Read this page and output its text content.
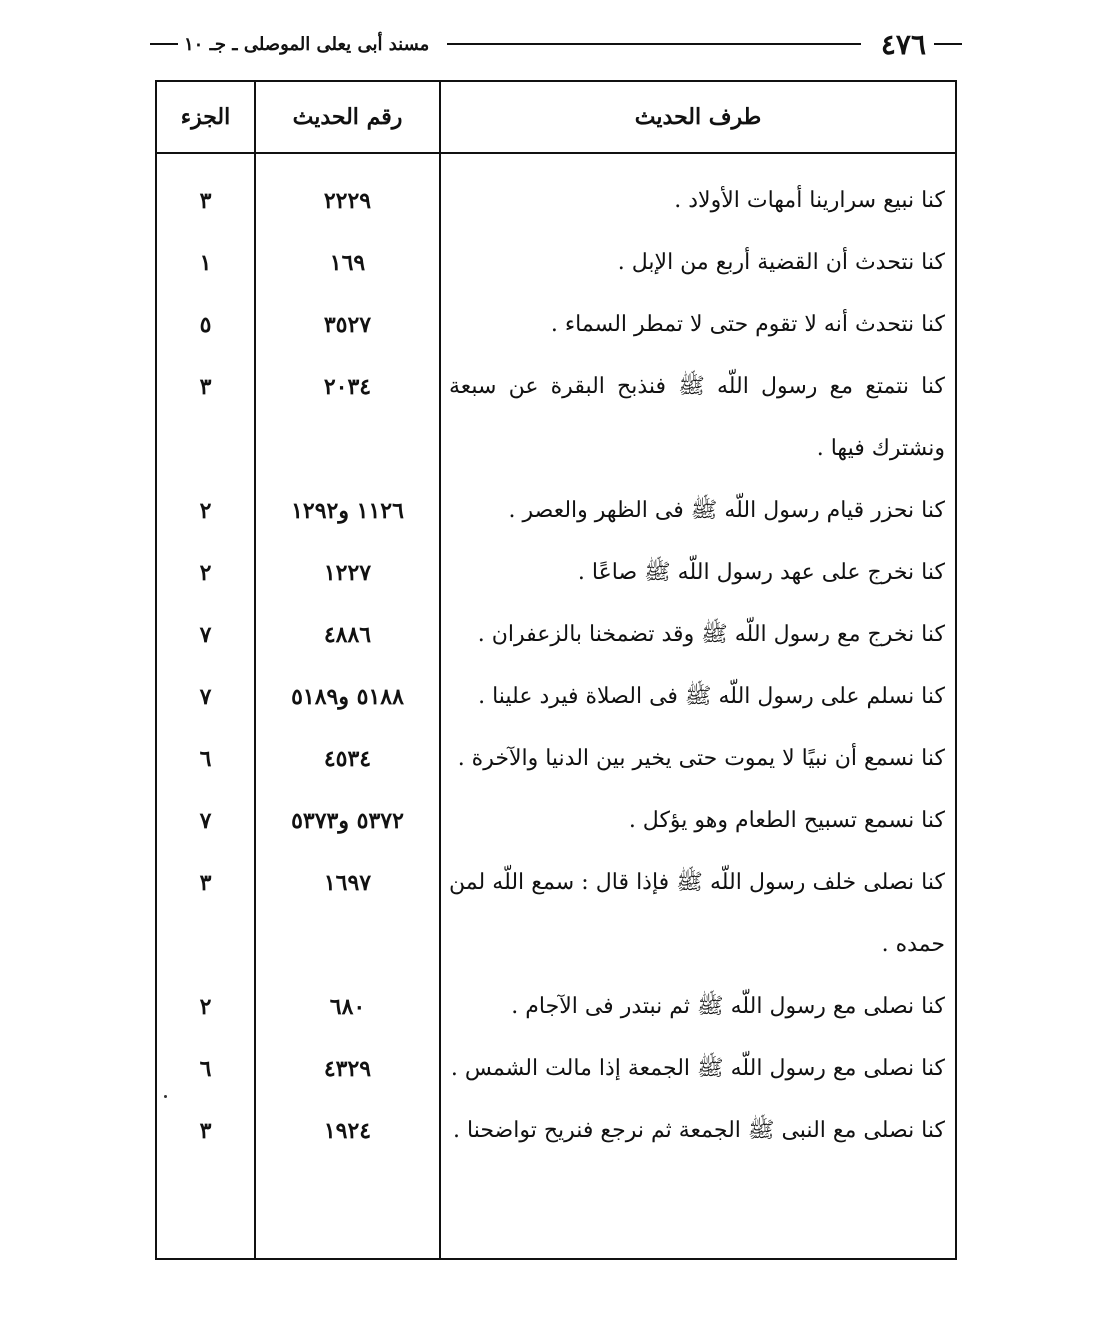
٤٧٦
مسند أبى يعلى الموصلى ـ جـ ١٠
طرف الحديث
رقم الحديث
الجزء
كنا نبيع سرارينا أمهات الأولاد .
٢٢٢٩
٣
كنا نتحدث أن القضية أربع من الإبل .
١٦٩
١
كنا نتحدث أنه لا تقوم حتى لا تمطر السماء .
٣٥٢٧
٥
كنا نتمتع مع رسول اللّه ﷺ فنذبح البقرة عن سبعة ونشترك فيها .
٢٠٣٤
٣
كنا نحزر قيام رسول اللّه ﷺ فى الظهر والعصر .
١١٢٦ و١٢٩٢
٢
كنا نخرج على عهد رسول اللّه ﷺ صاعًا .
١٢٢٧
٢
كنا نخرج مع رسول اللّه ﷺ وقد تضمخنا بالزعفران .
٤٨٨٦
٧
كنا نسلم على رسول اللّه ﷺ فى الصلاة فيرد علينا .
٥١٨٨ و٥١٨٩
٧
كنا نسمع أن نبيًا لا يموت حتى يخير بين الدنيا والآخرة .
٤٥٣٤
٦
كنا نسمع تسبيح الطعام وهو يؤكل .
٥٣٧٢ و٥٣٧٣
٧
كنا نصلى خلف رسول اللّه ﷺ فإذا قال : سمع اللّه لمن حمده .
١٦٩٧
٣
كنا نصلى مع رسول اللّه ﷺ ثم نبتدر فى الآجام .
٦٨٠
٢
كنا نصلى مع رسول اللّه ﷺ الجمعة إذا مالت الشمس .
٤٣٢٩
٦
كنا نصلى مع النبى ﷺ الجمعة ثم نرجع فنريح تواضحنا .
١٩٢٤
٣
